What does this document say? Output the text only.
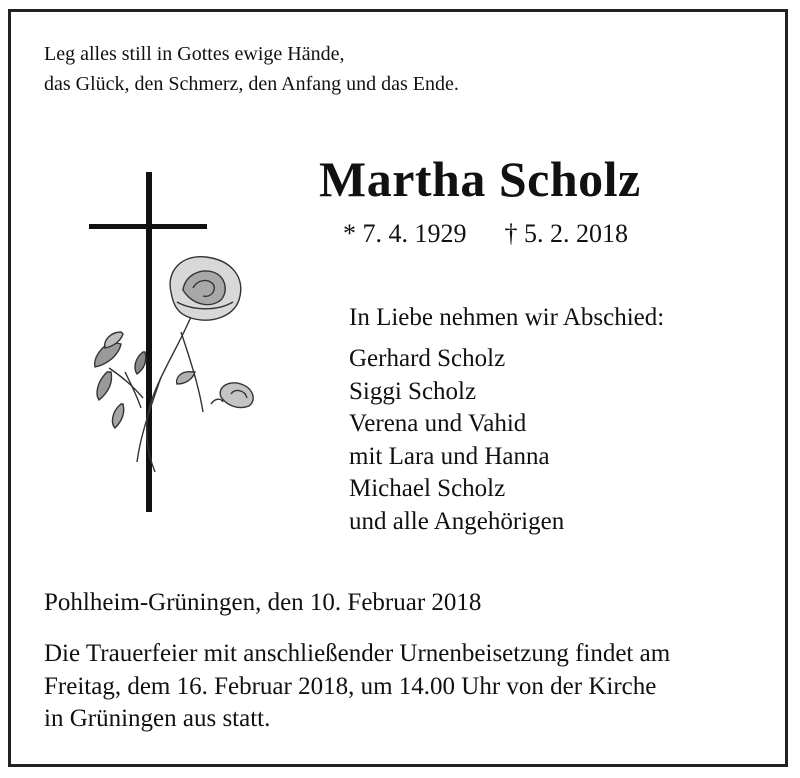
Leg alles still in Gottes ewige Hände,
das Glück, den Schmerz, den Anfang und das Ende.
Martha Scholz
* 7. 4. 1929 † 5. 2. 2018
In Liebe nehmen wir Abschied:
Gerhard Scholz
Siggi Scholz
Verena und Vahid
mit Lara und Hanna
Michael Scholz
und alle Angehörigen
Pohlheim-Grüningen, den 10. Februar 2018
Die Trauerfeier mit anschließender Urnenbeisetzung findet am
Freitag, dem 16. Februar 2018, um 14.00 Uhr von der Kirche
in Grüningen aus statt.
